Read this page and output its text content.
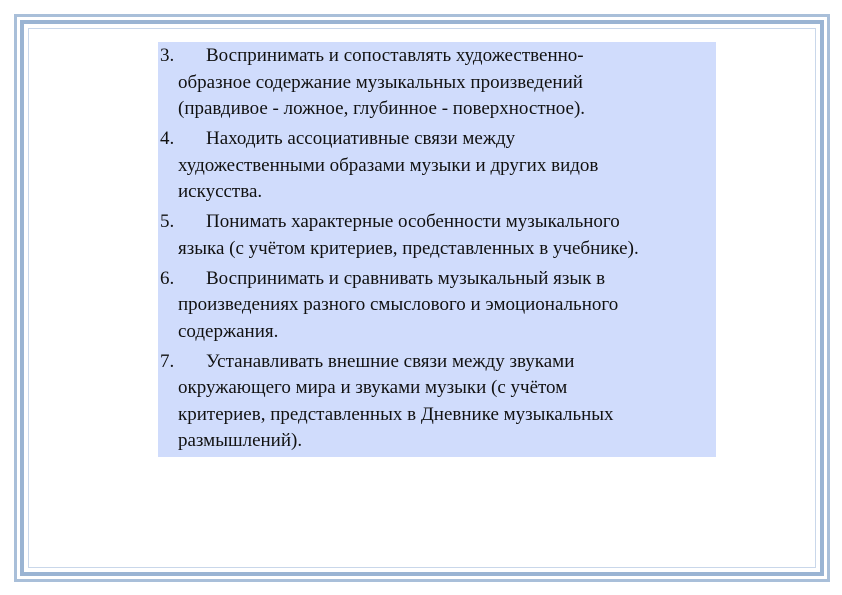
3.	Воспринимать и сопоставлять художественно-
образное содержание музыкальных произведений
(правдивое - ложное, глубинное - поверхностное).
4.	Находить ассоциативные связи между
художественными образами музыки и других видов
искусства.
5.	Понимать характерные особенности музыкального
языка (с учётом критериев, представленных в учебнике).
6.	Воспринимать и сравнивать музыкальный язык в
произведениях разного смыслового и эмоционального
содержания.
7.	Устанавливать внешние связи между звуками
окружающего мира и звуками музыки (с учётом
критериев, представленных в Дневнике музыкальных
размышлений).
